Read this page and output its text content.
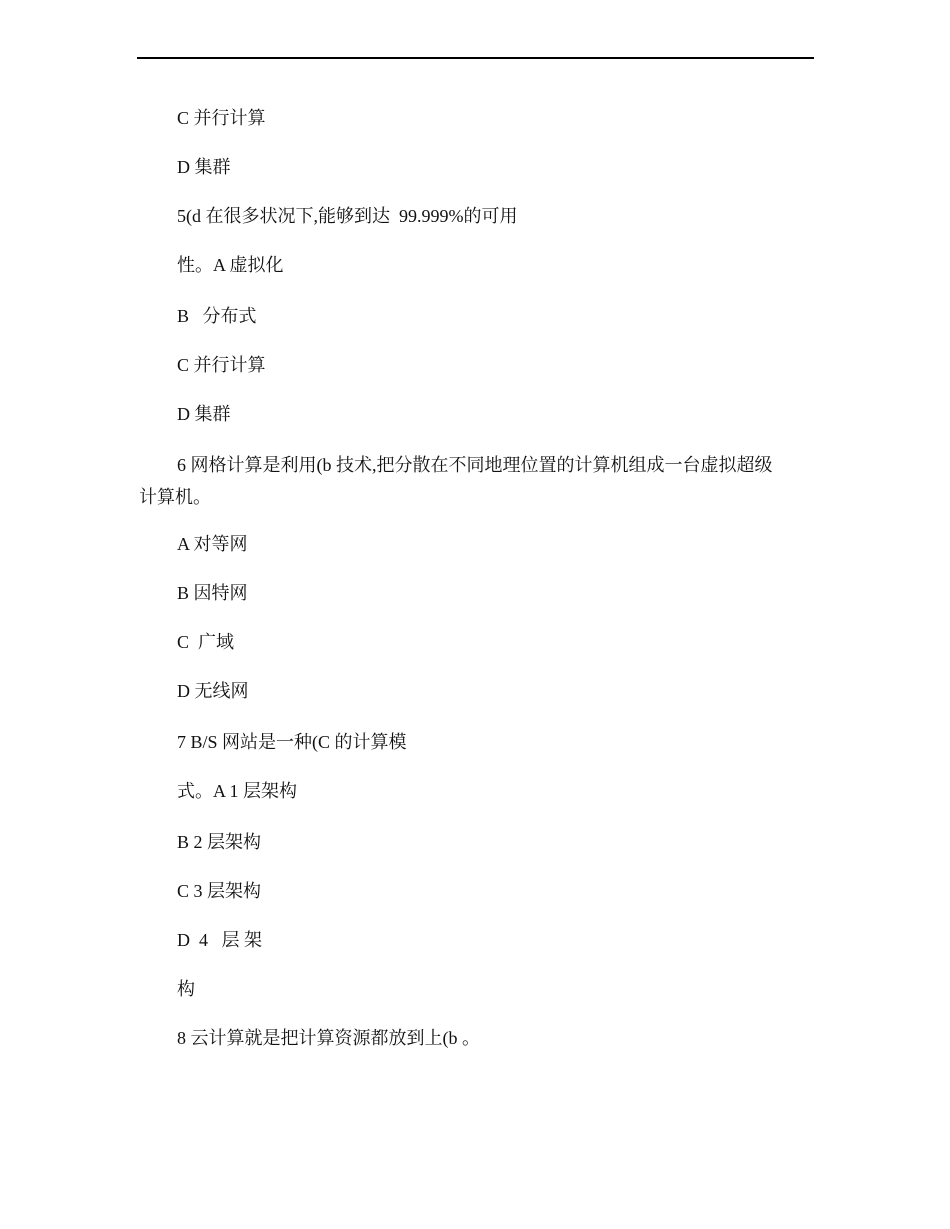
C 并行计算
D 集群
5(d 在很多状况下,能够到达  99.999%的可用
性。A 虚拟化
B   分布式
C 并行计算
D 集群
6 网格计算是利用(b 技术,把分散在不同地理位置的计算机组成一台虚拟超级
计算机。
A 对等网
B 因特网
C  广域
D 无线网
7 B/S 网站是一种(C 的计算模
式。A 1 层架构
B 2 层架构
C 3 层架构
D  4   层 架
构
8 云计算就是把计算资源都放到上(b 。
